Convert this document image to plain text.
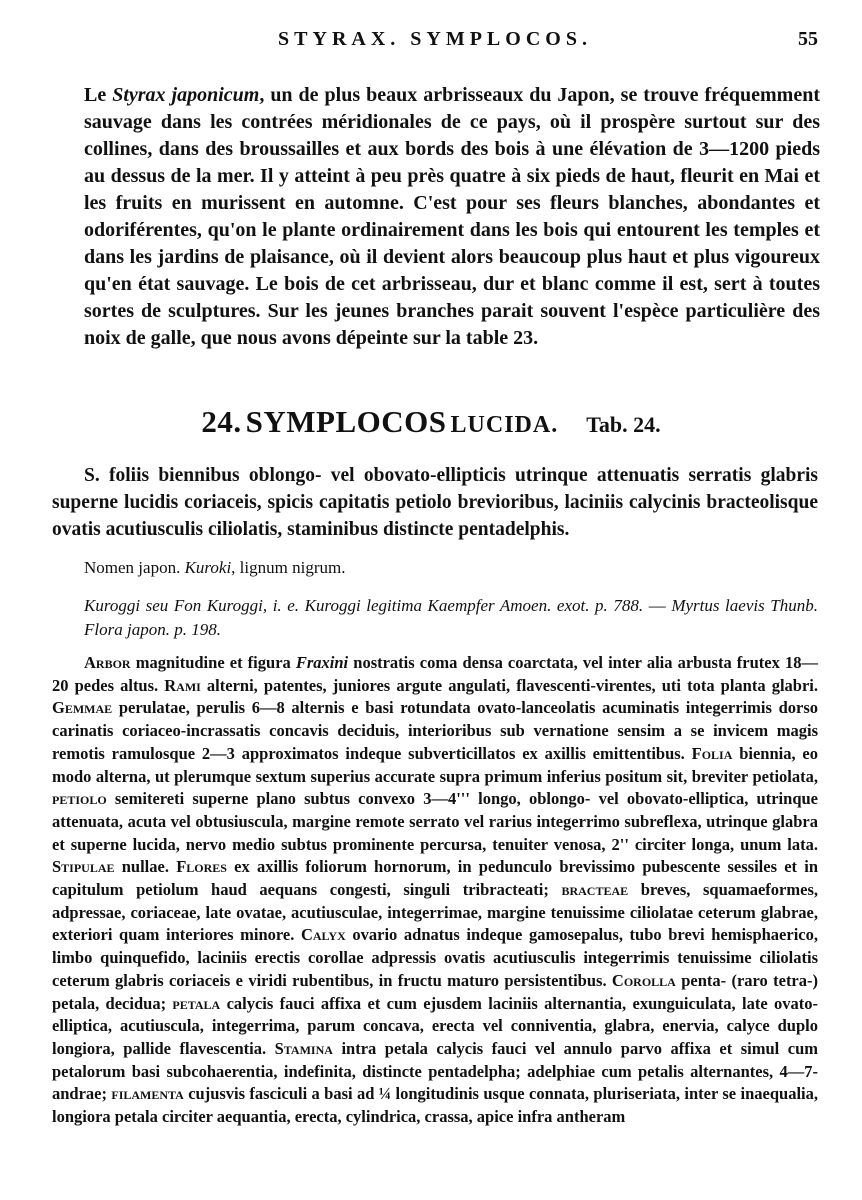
STYRAX. SYMPLOCOS.	55
Le Styrax japonicum, un de plus beaux arbrisseaux du Japon, se trouve fréquemment sauvage dans les contrées méridionales de ce pays, où il prospère surtout sur des collines, dans des broussailles et aux bords des bois à une élévation de 3—1200 pieds au dessus de la mer. Il y atteint à peu près quatre à six pieds de haut, fleurit en Mai et les fruits en murissent en automne. C'est pour ses fleurs blanches, abondantes et odoriférentes, qu'on le plante ordinairement dans les bois qui entourent les temples et dans les jardins de plaisance, où il devient alors beaucoup plus haut et plus vigoureux qu'en état sauvage. Le bois de cet arbrisseau, dur et blanc comme il est, sert à toutes sortes de sculptures. Sur les jeunes branches parait souvent l'espèce particulière des noix de galle, que nous avons dépeinte sur la table 23.
24. SYMPLOCOS LUCIDA. Tab. 24.
S. foliis biennibus oblongo- vel obovato-ellipticis utrinque attenuatis serratis glabris superne lucidis coriaceis, spicis capitatis petiolo brevioribus, laciniis calycinis bracteolisque ovatis acutiusculis ciliolatis, staminibus distincte pentadelphis.
Nomen japon. Kuroki, lignum nigrum.
Kuroggi seu Fon Kuroggi, i. e. Kuroggi legitima Kaempfer Amoen. exot. p. 788. — Myrtus laevis Thunb. Flora japon. p. 198.
Arbor magnitudine et figura Fraxini nostratis coma densa coarctata, vel inter alia arbusta frutex 18—20 pedes altus. Rami alterni, patentes, juniores argute angulati, flavescenti-virentes, uti tota planta glabri. Gemmae perulatae, perulis 6—8 alternis e basi rotundata ovato-lanceolatis acuminatis integerrimis dorso carinatis coriaceo-incrassatis concavis deciduis, interioribus sub vernatione sensim a se invicem magis remotis ramulosque 2—3 approximatos indeque subverticillatos ex axillis emittentibus. Folia biennia, eo modo alterna, ut plerumque sextum superius accurate supra primum inferius positum sit, breviter petiolata, petiolo semitereti superne plano subtus convexo 3—4''' longo, oblongo- vel obovato-elliptica, utrinque attenuata, acuta vel obtusiuscula, margine remote serrato vel rarius integerrimo subreflexa, utrinque glabra et superne lucida, nervo medio subtus prominente percursa, tenuiter venosa, 2'' circiter longa, unum lata. Stipulae nullae. Flores ex axillis foliorum hornorum, in pedunculo brevissimo pubescente sessiles et in capitulum petiolum haud aequans congesti, singuli tribracteati; bracteae breves, squamaeformes, adpressae, coriaceae, late ovatae, acutiusculae, integerrimae, margine tenuissime ciliolatae ceterum glabrae, exteriori quam interiores minore. Calyx ovario adnatus indeque gamosepalus, tubo brevi hemisphaerico, limbo quinquefido, laciniis erectis corollae adpressis ovatis acutiusculis integerrimis tenuissime ciliolatis ceterum glabris coriaceis e viridi rubentibus, in fructu maturo persistentibus. Corolla penta- (raro tetra-) petala, decidua; petala calycis fauci affixa et cum ejusdem laciniis alternantia, exunguiculata, late ovato-elliptica, acutiuscula, integerrima, parum concava, erecta vel conniventia, glabra, enervia, calyce duplo longiora, pallide flavescentia. Stamina intra petala calycis fauci vel annulo parvo affixa et simul cum petalorum basi subcohaerentia, indefinita, distincte pentadelpha; adelphiae cum petalis alternantes, 4—7-andrae; filamenta cujusvis fasciculi a basi ad ¼ longitudinis usque connata, pluriseriata, inter se inaequalia, longiora petala circiter aequantia, erecta, cylindrica, crassa, apice infra antheram
